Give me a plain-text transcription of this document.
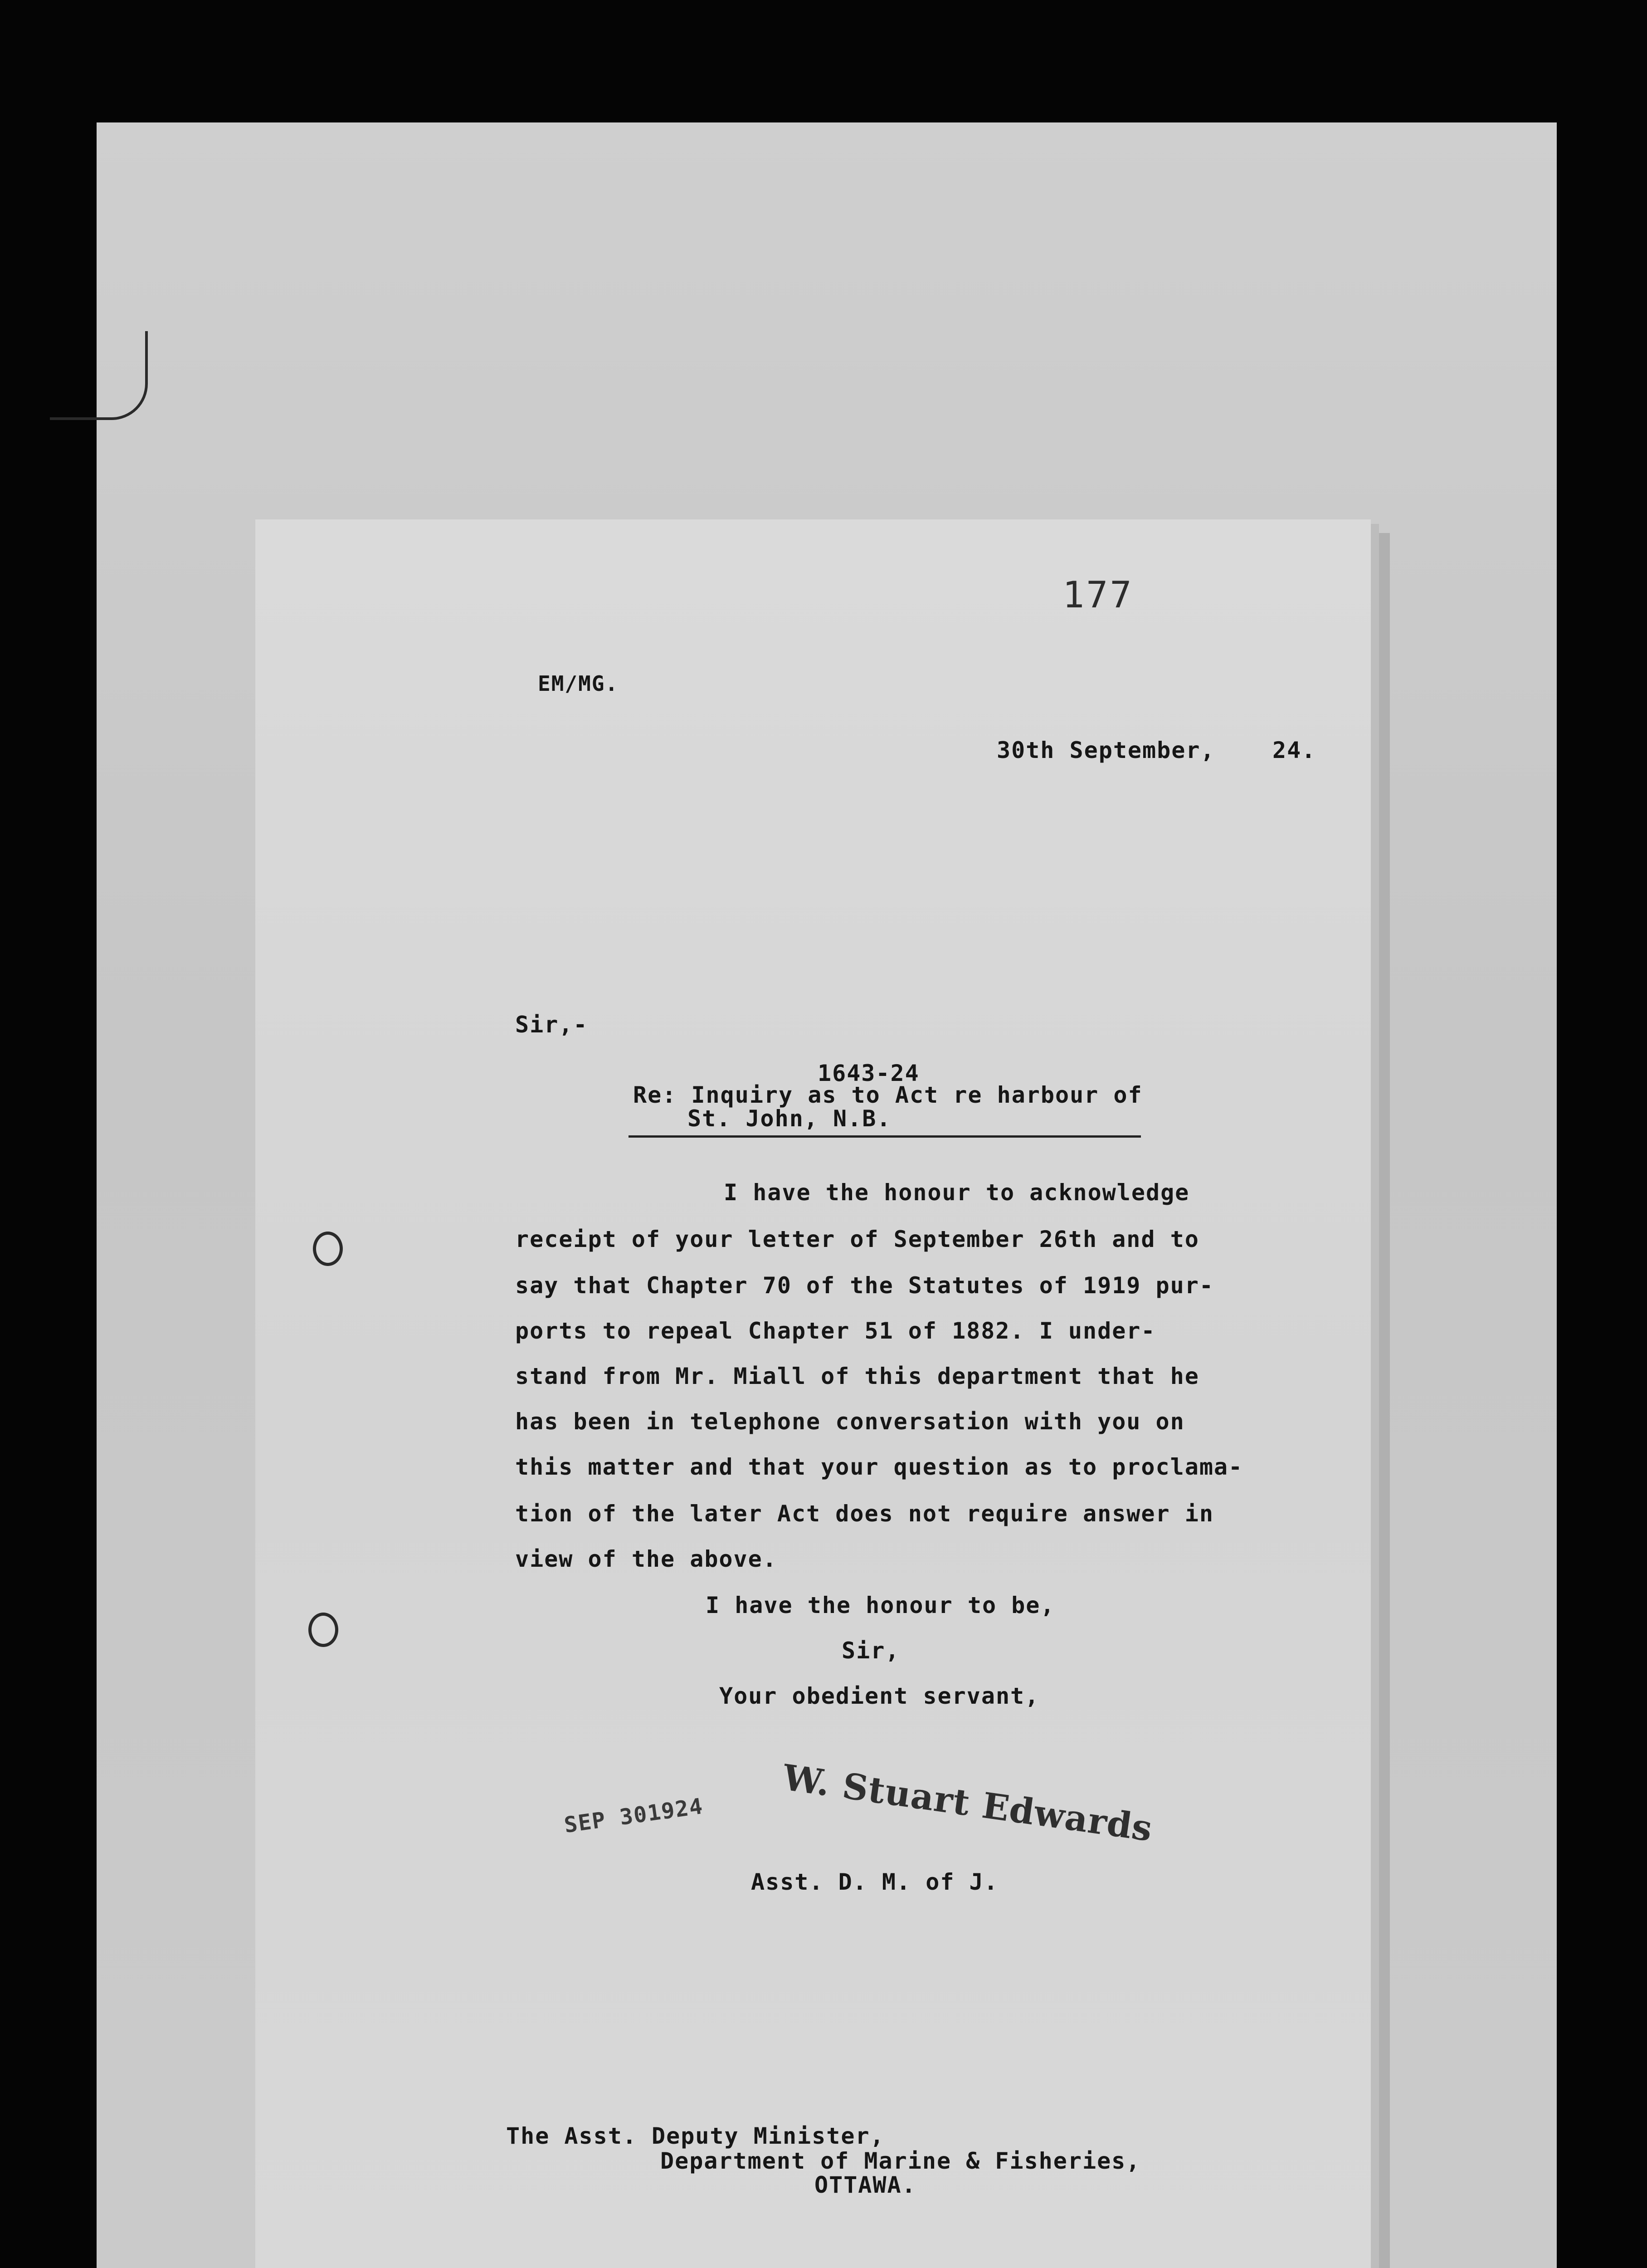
177
EM/MG.
30th September,	24.
Sir,-
1643-24
Re: Inquiry as to Act re harbour of
St. John, N.B.
I have the honour to acknowledge
receipt of your letter of September 26th and to
say that Chapter 70 of the Statutes of 1919 pur-
ports to repeal Chapter 51 of 1882. I under-
stand from Mr. Miall of this department that he
has been in telephone conversation with you on
this matter and that your question as to proclama-
tion of the later Act does not require answer in
view of the above.
I have the honour to be,
Sir,
Your obedient servant,
SEP 301924 W. Stuart Edwards
Asst. D. M. of J.
The Asst. Deputy Minister,
Department of Marine & Fisheries,
OTTAWA.
